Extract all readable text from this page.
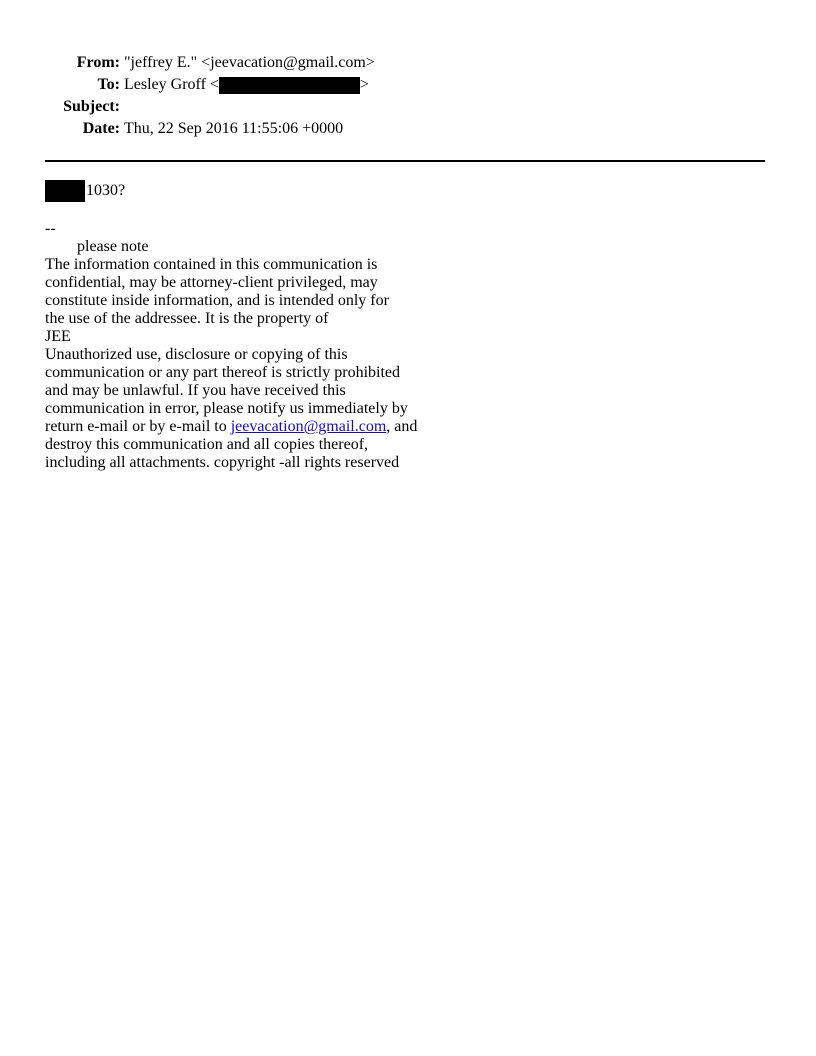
From: "jeffrey E." <jeevacation@gmail.com>
To: Lesley Groff <	>
Subject:
Date: Thu, 22 Sep 2016 11:55:06 +0000
1030?
--
please note
The information contained in this communication is
confidential, may be attorney-client privileged, may
constitute inside information, and is intended only for
the use of the addressee. It is the property of
JEE
Unauthorized use, disclosure or copying of this
communication or any part thereof is strictly prohibited
and may be unlawful. If you have received this
communication in error, please notify us immediately by
return e-mail or by e-mail to jeevacation@gmail.com, and
destroy this communication and all copies thereof,
including all attachments. copyright -all rights reserved
